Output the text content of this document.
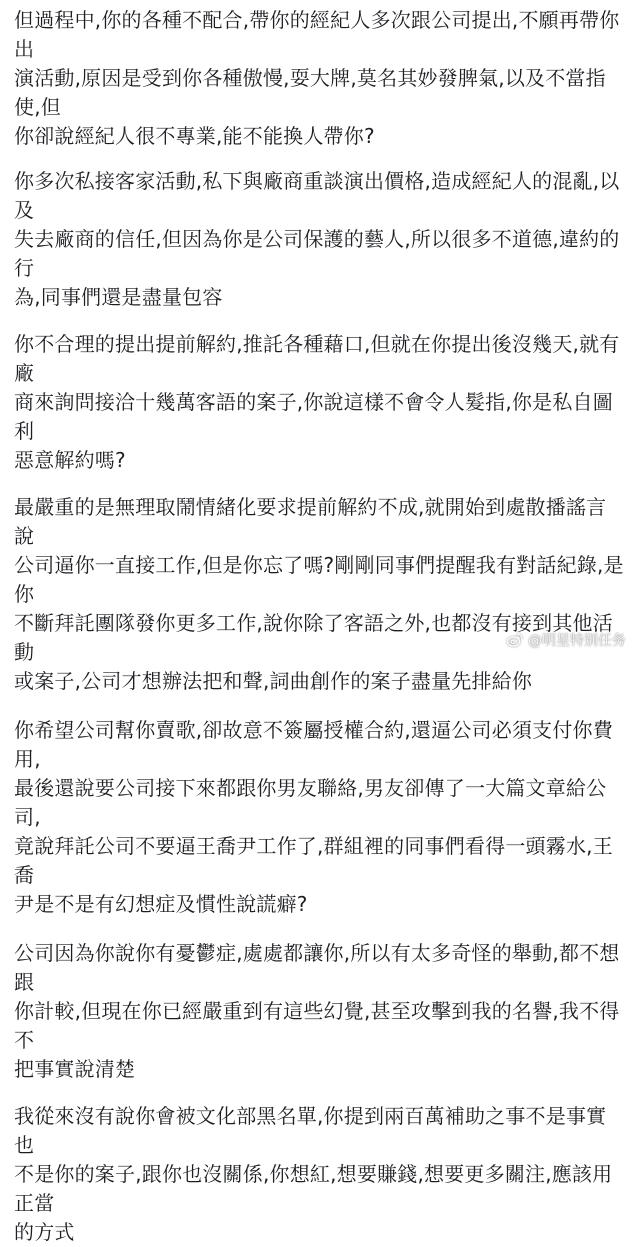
但過程中,你的各種不配合,帶你的經紀人多次跟公司提出,不願再帶你出
演活動,原因是受到你各種傲慢,耍大牌,莫名其妙發脾氣,以及不當指使,但
你卻說經紀人很不專業,能不能換人帶你?

你多次私接客家活動,私下與廠商重談演出價格,造成經紀人的混亂,以及
失去廠商的信任,但因為你是公司保護的藝人,所以很多不道德,違約的行
為,同事們還是盡量包容

你不合理的提出提前解約,推託各種藉口,但就在你提出後沒幾天,就有廠
商來詢問接洽十幾萬客語的案子,你說這樣不會令人髮指,你是私自圖利
惡意解約嗎?

最嚴重的是無理取鬧情緒化要求提前解約不成,就開始到處散播謠言說
公司逼你一直接工作,但是你忘了嗎?剛剛同事們提醒我有對話紀錄,是你
不斷拜託團隊發你更多工作,說你除了客語之外,也都沒有接到其他活動
或案子,公司才想辦法把和聲,詞曲創作的案子盡量先排給你

你希望公司幫你賣歌,卻故意不簽屬授權合約,還逼公司必須支付你費用,
最後還說要公司接下來都跟你男友聯絡,男友卻傳了一大篇文章給公司,
竟說拜託公司不要逼王喬尹工作了,群組裡的同事們看得一頭霧水,王喬
尹是不是有幻想症及慣性說謊癖?

公司因為你說你有憂鬱症,處處都讓你,所以有太多奇怪的舉動,都不想跟
你計較,但現在你已經嚴重到有這些幻覺,甚至攻擊到我的名譽,我不得不
把事實說清楚

我從來沒有說你會被文化部黑名單,你提到兩百萬補助之事不是事實也
不是你的案子,跟你也沒關係,你想紅,想要賺錢,想要更多關注,應該用正當
的方式

@明星特别任务
